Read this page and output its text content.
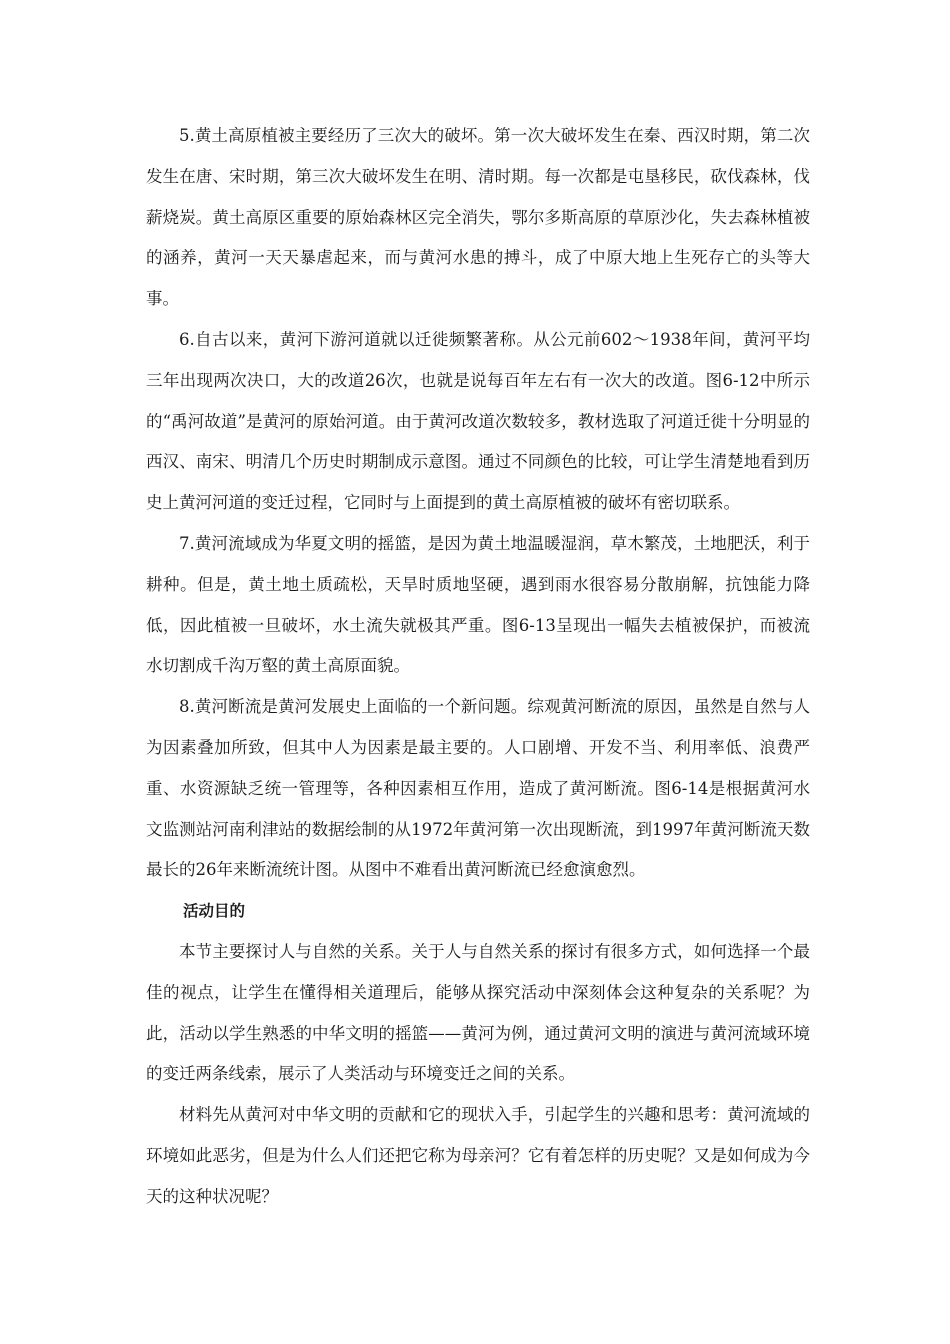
5.黄土高原植被主要经历了三次大的破坏。第一次大破坏发生在秦、西汉时期，第二次发生在唐、宋时期，第三次大破坏发生在明、清时期。每一次都是屯垦移民，砍伐森林，伐薪烧炭。黄土高原区重要的原始森林区完全消失，鄂尔多斯高原的草原沙化，失去森林植被的涵养，黄河一天天暴虐起来，而与黄河水患的搏斗，成了中原大地上生死存亡的头等大事。

6.自古以来，黄河下游河道就以迁徙频繁著称。从公元前602～1938年间，黄河平均三年出现两次决口，大的改道26次，也就是说每百年左右有一次大的改道。图6-12中所示的“禹河故道”是黄河的原始河道。由于黄河改道次数较多，教材选取了河道迁徙十分明显的西汉、南宋、明清几个历史时期制成示意图。通过不同颜色的比较，可让学生清楚地看到历史上黄河河道的变迁过程，它同时与上面提到的黄土高原植被的破坏有密切联系。

7.黄河流域成为华夏文明的摇篮，是因为黄土地温暖湿润，草木繁茂，土地肥沃，利于耕种。但是，黄土地土质疏松，天旱时质地坚硬，遇到雨水很容易分散崩解，抗蚀能力降低，因此植被一旦破坏，水土流失就极其严重。图6-13呈现出一幅失去植被保护，而被流水切割成千沟万壑的黄土高原面貌。

8.黄河断流是黄河发展史上面临的一个新问题。综观黄河断流的原因，虽然是自然与人为因素叠加所致，但其中人为因素是最主要的。人口剧增、开发不当、利用率低、浪费严重、水资源缺乏统一管理等，各种因素相互作用，造成了黄河断流。图6-14是根据黄河水文监测站河南利津站的数据绘制的从1972年黄河第一次出现断流，到1997年黄河断流天数最长的26年来断流统计图。从图中不难看出黄河断流已经愈演愈烈。

活动目的

本节主要探讨人与自然的关系。关于人与自然关系的探讨有很多方式，如何选择一个最佳的视点，让学生在懂得相关道理后，能够从探究活动中深刻体会这种复杂的关系呢？为此，活动以学生熟悉的中华文明的摇篮——黄河为例，通过黄河文明的演进与黄河流域环境的变迁两条线索，展示了人类活动与环境变迁之间的关系。

材料先从黄河对中华文明的贡献和它的现状入手，引起学生的兴趣和思考：黄河流域的环境如此恶劣，但是为什么人们还把它称为母亲河？它有着怎样的历史呢？又是如何成为今天的这种状况呢？
